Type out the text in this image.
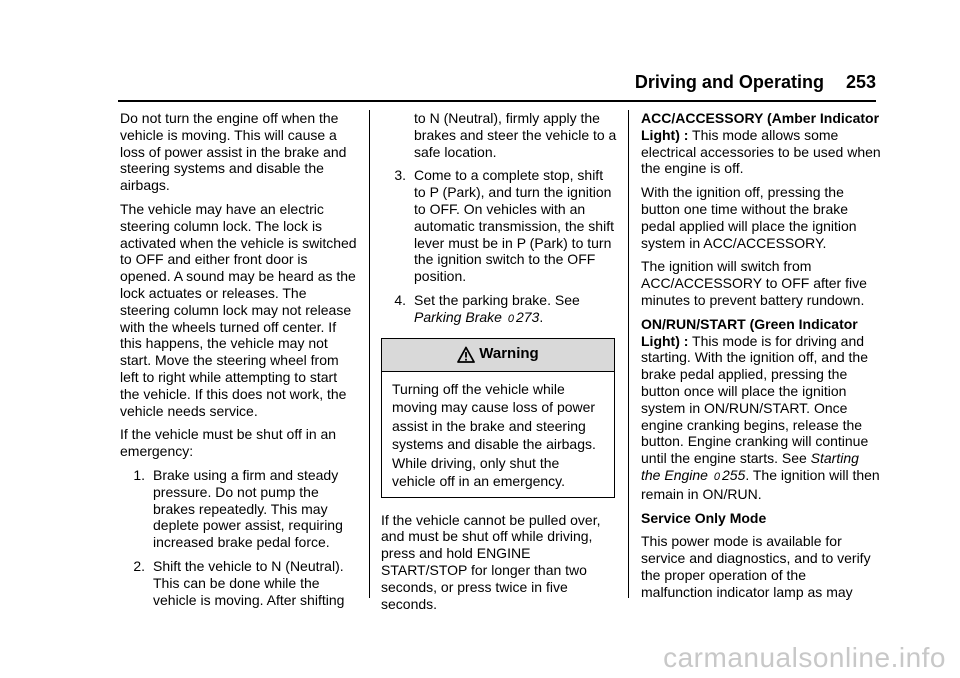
Driving and Operating 253

Do not turn the engine off when the vehicle is moving. This will cause a loss of power assist in the brake and steering systems and disable the airbags.

The vehicle may have an electric steering column lock. The lock is activated when the vehicle is switched to OFF and either front door is opened. A sound may be heard as the lock actuates or releases. The steering column lock may not release with the wheels turned off center. If this happens, the vehicle may not start. Move the steering wheel from left to right while attempting to start the vehicle. If this does not work, the vehicle needs service.

If the vehicle must be shut off in an emergency:

1. Brake using a firm and steady pressure. Do not pump the brakes repeatedly. This may deplete power assist, requiring increased brake pedal force.
2. Shift the vehicle to N (Neutral). This can be done while the vehicle is moving. After shifting
to N (Neutral), firmly apply the brakes and steer the vehicle to a safe location.
3. Come to a complete stop, shift to P (Park), and turn the ignition to OFF. On vehicles with an automatic transmission, the shift lever must be in P (Park) to turn the ignition switch to the OFF position.
4. Set the parking brake. See Parking Brake 0 273.
Warning
Turning off the vehicle while moving may cause loss of power assist in the brake and steering systems and disable the airbags. While driving, only shut the vehicle off in an emergency.

If the vehicle cannot be pulled over, and must be shut off while driving, press and hold ENGINE START/STOP for longer than two seconds, or press twice in five seconds.

ACC/ACCESSORY (Amber Indicator Light) : This mode allows some electrical accessories to be used when the engine is off.

With the ignition off, pressing the button one time without the brake pedal applied will place the ignition system in ACC/ACCESSORY.

The ignition will switch from ACC/ACCESSORY to OFF after five minutes to prevent battery rundown.

ON/RUN/START (Green Indicator Light) : This mode is for driving and starting. With the ignition off, and the brake pedal applied, pressing the button once will place the ignition system in ON/RUN/START. Once engine cranking begins, release the button. Engine cranking will continue until the engine starts. See Starting the Engine 0 255. The ignition will then remain in ON/RUN.

Service Only Mode

This power mode is available for service and diagnostics, and to verify the proper operation of the malfunction indicator lamp as may

carmanualsonline.info
